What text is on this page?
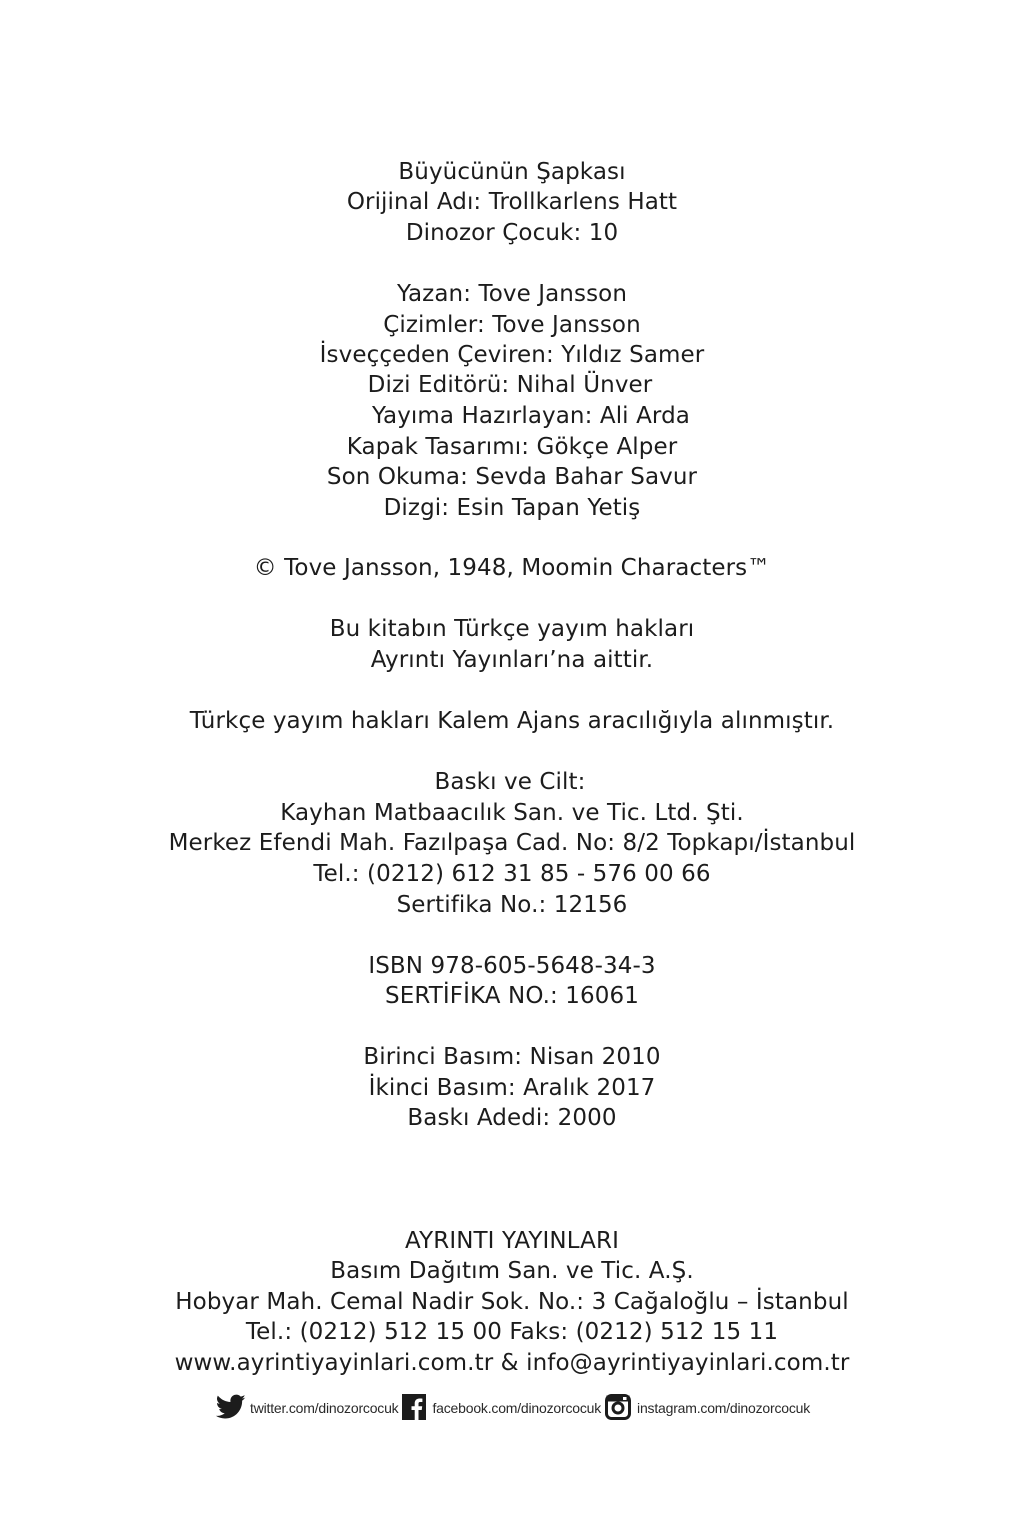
Büyücünün Şapkası
Orijinal Adı: Trollkarlens Hatt
Dinozor Çocuk: 10
Yazan: Tove Jansson
Çizimler: Tove Jansson
İsveççeden Çeviren: Yıldız Samer
Dizi Editörü: Nihal Ünver
Yayıma Hazırlayan: Ali Arda
Kapak Tasarımı: Gökçe Alper
Son Okuma: Sevda Bahar Savur
Dizgi: Esin Tapan Yetiş
© Tove Jansson, 1948, Moomin Characters™
Bu kitabın Türkçe yayım hakları
Ayrıntı Yayınları’na aittir.
Türkçe yayım hakları Kalem Ajans aracılığıyla alınmıştır.
Baskı ve Cilt:
Kayhan Matbaacılık San. ve Tic. Ltd. Şti.
Merkez Efendi Mah. Fazılpaşa Cad. No: 8/2 Topkapı/İstanbul
Tel.: (0212) 612 31 85 - 576 00 66
Sertifika No.: 12156
ISBN 978-605-5648-34-3
SERTİFİKA NO.: 16061
Birinci Basım: Nisan 2010
İkinci Basım: Aralık 2017
Baskı Adedi: 2000
AYRINTI YAYINLARI
Basım Dağıtım San. ve Tic. A.Ş.
Hobyar Mah. Cemal Nadir Sok. No.: 3 Cağaloğlu – İstanbul
Tel.: (0212) 512 15 00 Faks: (0212) 512 15 11
www.ayrintiyayinlari.com.tr & info@ayrintiyayinlari.com.tr
twitter.com/dinozorcocuk facebook.com/dinozorcocuk	instagram.com/dinozorcocuk
